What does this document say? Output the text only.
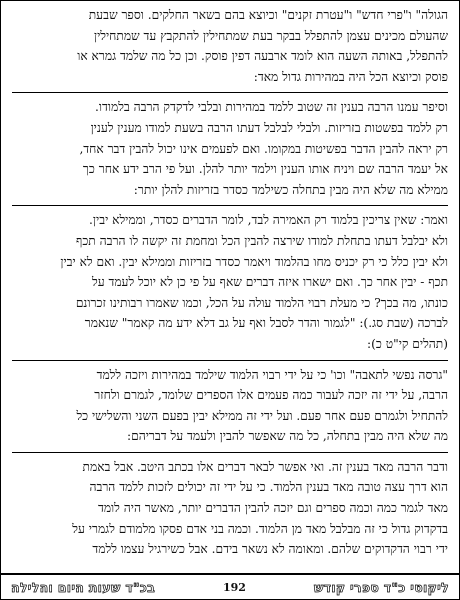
הגולה" ו"פרי חדש" ו"עטרת זקנים" וכיוצא בהם בשאר החלקים. וספר שבעת
שהעולם מכינים עצמן להתפלל בבקר בעת שמתחילין להתקבץ עד שמתחילין
להתפלל, באותה השעה הוא לומד ארבעה דפין פוסק. וכן כל מה שלמד גמרא או
פוסק וכיוצא הכל היה במהירות גדול מאד:

וסיפר עמנו הרבה בענין זה שטוב ללמד במהירות ובלבי לדקדק הרבה בלמודו.
רק ללמד בפשטות בזריזות. ולבלי לבלבל דעתו הרבה בשעת למודו מענין לענין
רק יראה להבין הדבר בפשיטות במקומו. ואם לפעמים אינו יכול להבין דבר אחד,
אל יעמד הרבה שם ויניח אותו הענין וילמד יותר להלן. ועל פי הרב ידע אחר כך
ממילא מה שלא היה מבין בתחלה כשילמד כסדר בזריזות להלן יותר:

ואמר: שאין צריכין בלמוד רק האמירה לבד, לומר הדברים כסדר, וממילא יבין.
ולא יבלבל דעתו בתחלת למודו שירצה להבין הכל ומחמת זה יקשה לו הרבה תכף
ולא יבין כלל כי רק יכניס מחו בהלמוד ויאמר כסדר בזריזות וממילא יבין. ואם לא יבין
תכף - יבין אחר כך. ואם ישארו איזה דברים שאף על פי כן לא יוכל לעמד על
כונתו, מה בכך? כי מעלת רבוי הלמוד עולה על הכל, וכמו שאמרו רבותינו זכרונם
לברכה (שבת סג.): "לגמור והדר לסבל ואף על גב דלא ידע מה קאמר" שנאמר
(תהלים קי"ט כ):

"גרסה נפשי לתאבה" וכו' כי על ידי רבוי הלמוד שילמד במהירות ויזכה ללמד
הרבה, על ידי זה יזכה לעבור כמה פעמים אלו הספרים שלומד, לגמרם ולחזר
להתחיל ולגמרם פעם אחר פעם. ועל ידי זה ממילא יבין בפעם השני והשלישי כל
מה שלא היה מבין בתחלה, כל מה שאפשר להבין ולעמד על דבריהם:

ודבר הרבה מאד בענין זה. ואי אפשר לבאר דברים אלו בכתב היטב. אבל באמת
הוא דרך עצה טובה מאד בענין הלמוד. כי על ידי זה יכולים לזכות ללמד הרבה
מאד לגמר כמה וכמה ספרים וגם יזכה להבין הדברים יותר, מאשר היה לומד
בדקדוק גדול כי זה מבלבל מאד מן הלמוד. וכמה בני אדם פסקו מלמודם לגמרי על
ידי רבוי הדקדוקים שלהם. ומאומה לא נשאר בידם. אבל כשירגיל עצמו ללמד

ליקוטי כ"ד ספרי קודש
192
בכ"ד שעות היום והלילה
